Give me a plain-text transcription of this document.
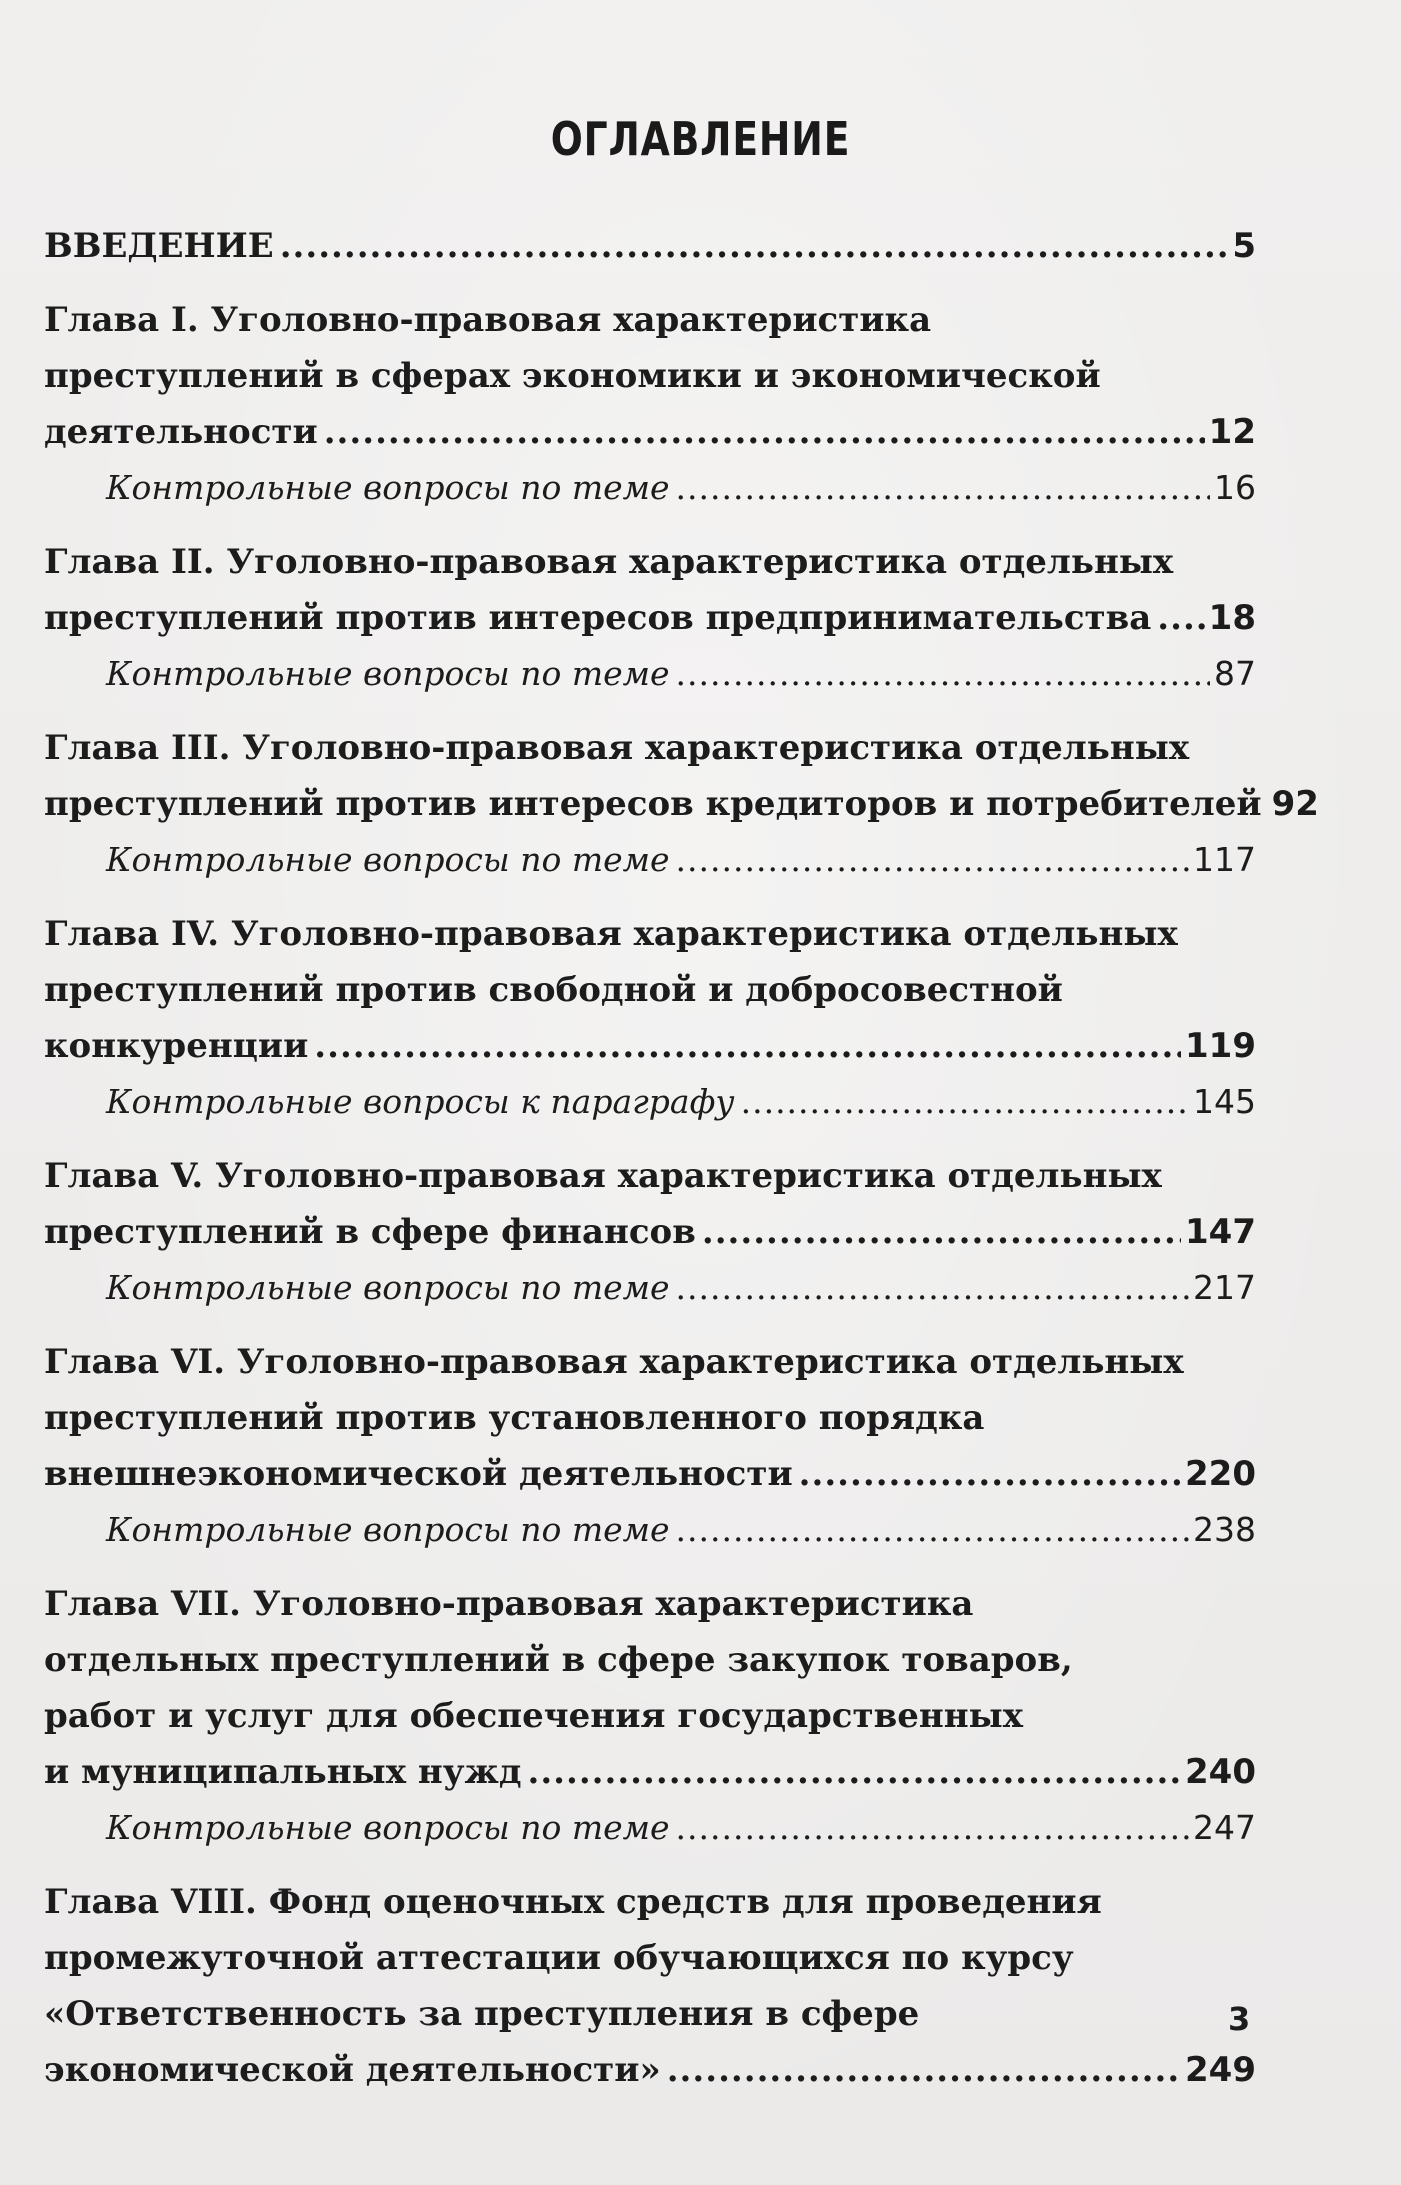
ОГЛАВЛЕНИЕ
ВВЕДЕНИЕ .....	5
Глава I. Уголовно-правовая характеристика
преступлений в сферах экономики и экономической
деятельности .....	12
Контрольные вопросы по теме .....	16
Глава II. Уголовно-правовая характеристика отдельных
преступлений против интересов предпринимательства ..... 18
Контрольные вопросы по теме .....	87
Глава III. Уголовно-правовая характеристика отдельных
преступлений против интересов кредиторов и потребителей 92
Контрольные вопросы по теме .....	117
Глава IV. Уголовно-правовая характеристика отдельных
преступлений против свободной и добросовестной
конкуренции .....	119
Контрольные вопросы к параграфу .....	145
Глава V. Уголовно-правовая характеристика отдельных
преступлений в сфере финансов .....	147
Контрольные вопросы по теме .....	217
Глава VI. Уголовно-правовая характеристика отдельных
преступлений против установленного порядка
внешнеэкономической деятельности .....	220
Контрольные вопросы по теме .....	238
Глава VII. Уголовно-правовая характеристика
отдельных преступлений в сфере закупок товаров,
работ и услуг для обеспечения государственных
и муниципальных нужд .....	240
Контрольные вопросы по теме .....	247
Глава VIII. Фонд оценочных средств для проведения
промежуточной аттестации обучающихся по курсу
«Ответственность за преступления в сфере
экономической деятельности» .....	249
3
